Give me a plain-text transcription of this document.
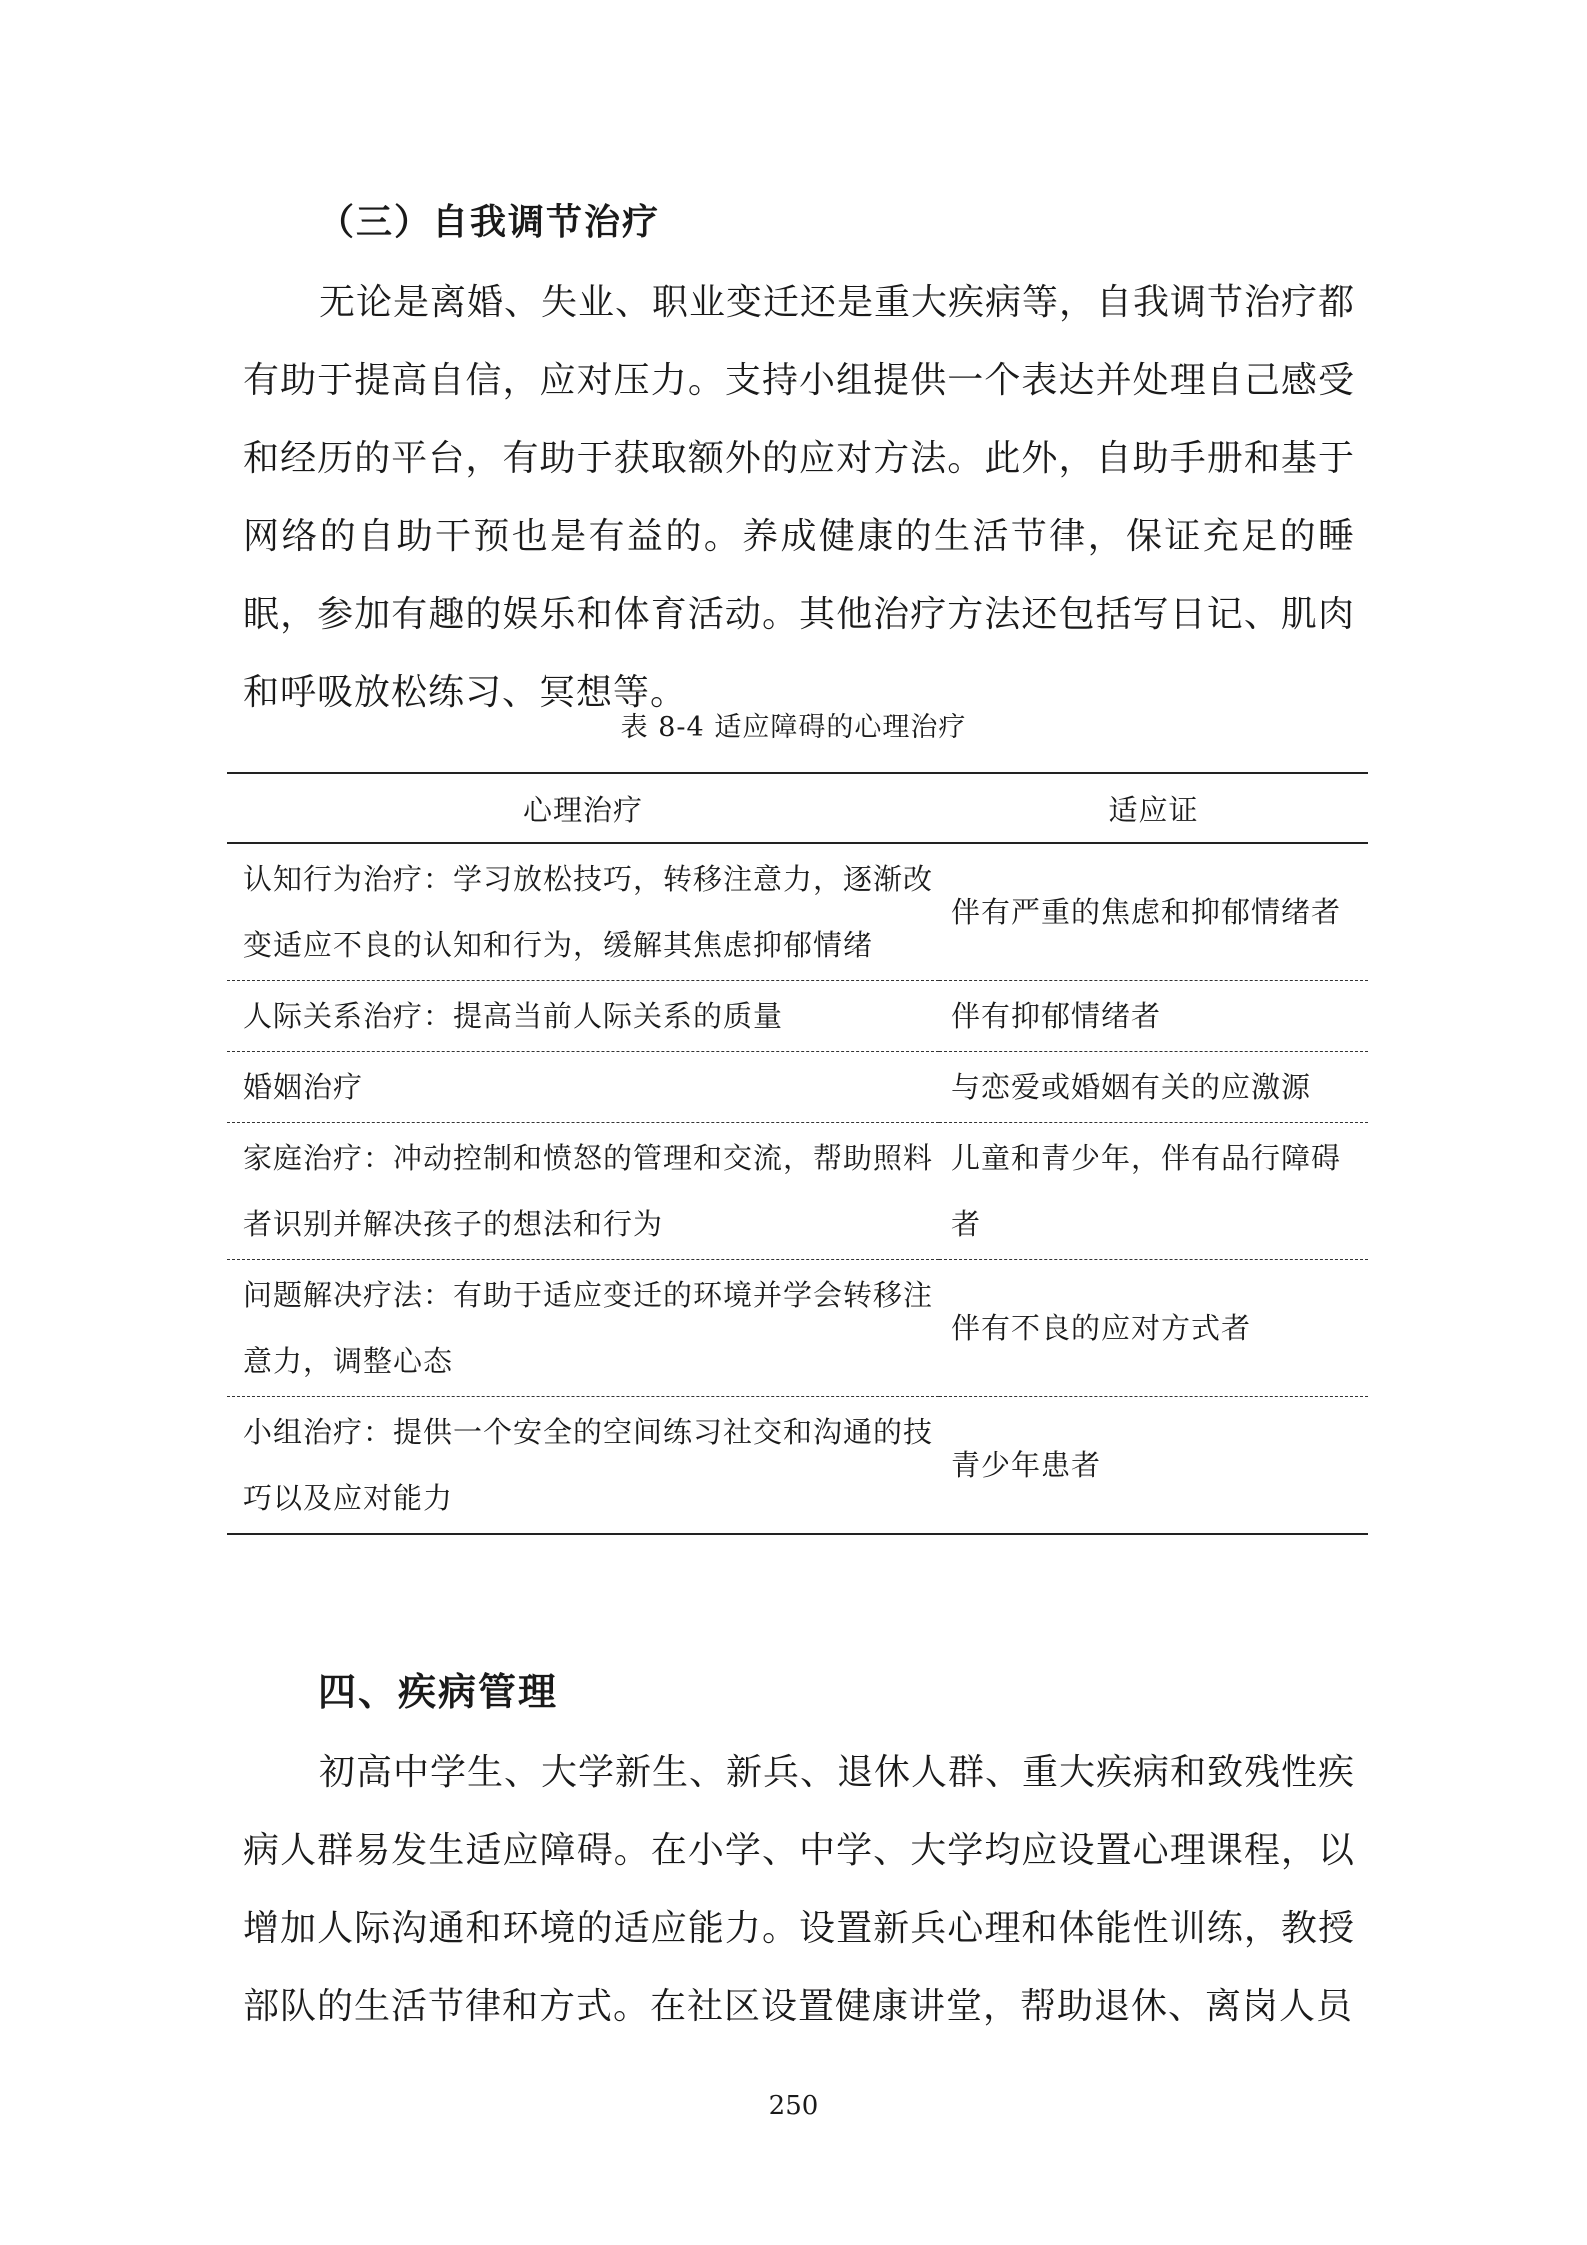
（三）自我调节治疗

无论是离婚、失业、职业变迁还是重大疾病等，自我调节治疗都有助于提高自信，应对压力。支持小组提供一个表达并处理自己感受和经历的平台，有助于获取额外的应对方法。此外，自助手册和基于网络的自助干预也是有益的。养成健康的生活节律，保证充足的睡眠，参加有趣的娱乐和体育活动。其他治疗方法还包括写日记、肌肉和呼吸放松练习、冥想等。

表 8-4 适应障碍的心理治疗

心理治疗	适应证
认知行为治疗：学习放松技巧，转移注意力，逐渐改变适应不良的认知和行为，缓解其焦虑抑郁情绪	伴有严重的焦虑和抑郁情绪者
人际关系治疗：提高当前人际关系的质量	伴有抑郁情绪者
婚姻治疗	与恋爱或婚姻有关的应激源
家庭治疗：冲动控制和愤怒的管理和交流，帮助照料者识别并解决孩子的想法和行为	儿童和青少年，伴有品行障碍者
问题解决疗法：有助于适应变迁的环境并学会转移注意力，调整心态	伴有不良的应对方式者
小组治疗：提供一个安全的空间练习社交和沟通的技巧以及应对能力	青少年患者
四、疾病管理

初高中学生、大学新生、新兵、退休人群、重大疾病和致残性疾病人群易发生适应障碍。在小学、中学、大学均应设置心理课程，以增加人际沟通和环境的适应能力。设置新兵心理和体能性训练，教授部队的生活节律和方式。在社区设置健康讲堂，帮助退休、离岗人员

250
